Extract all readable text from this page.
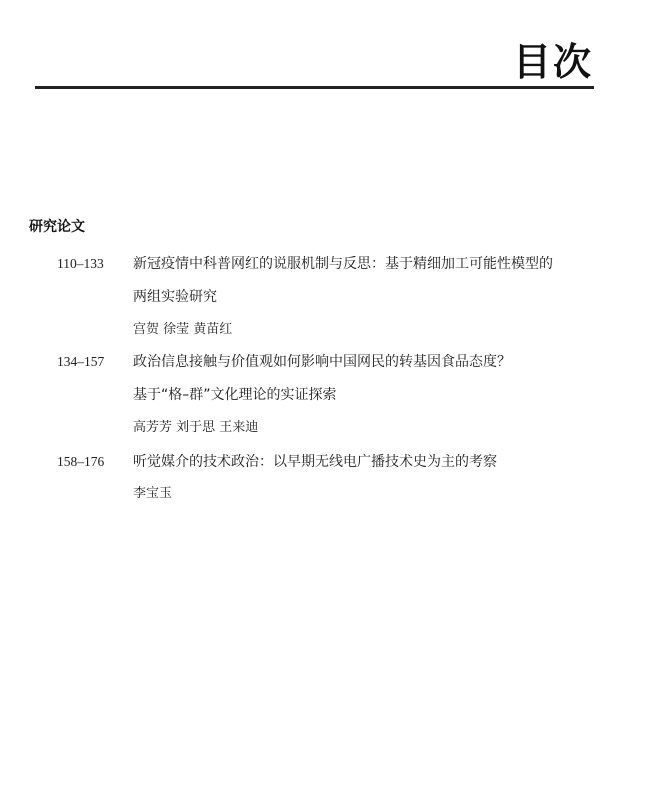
目次
研究论文
110–133 新冠疫情中科普网红的说服机制与反思：基于精细加工可能性模型的
两组实验研究
宫贺 徐莹 黄苗红
134–157 政治信息接触与价值观如何影响中国网民的转基因食品态度？
基于“格–群”文化理论的实证探索
高芳芳 刘于思 王来迪
158–176 听觉媒介的技术政治：以早期无线电广播技术史为主的考察
李宝玉
